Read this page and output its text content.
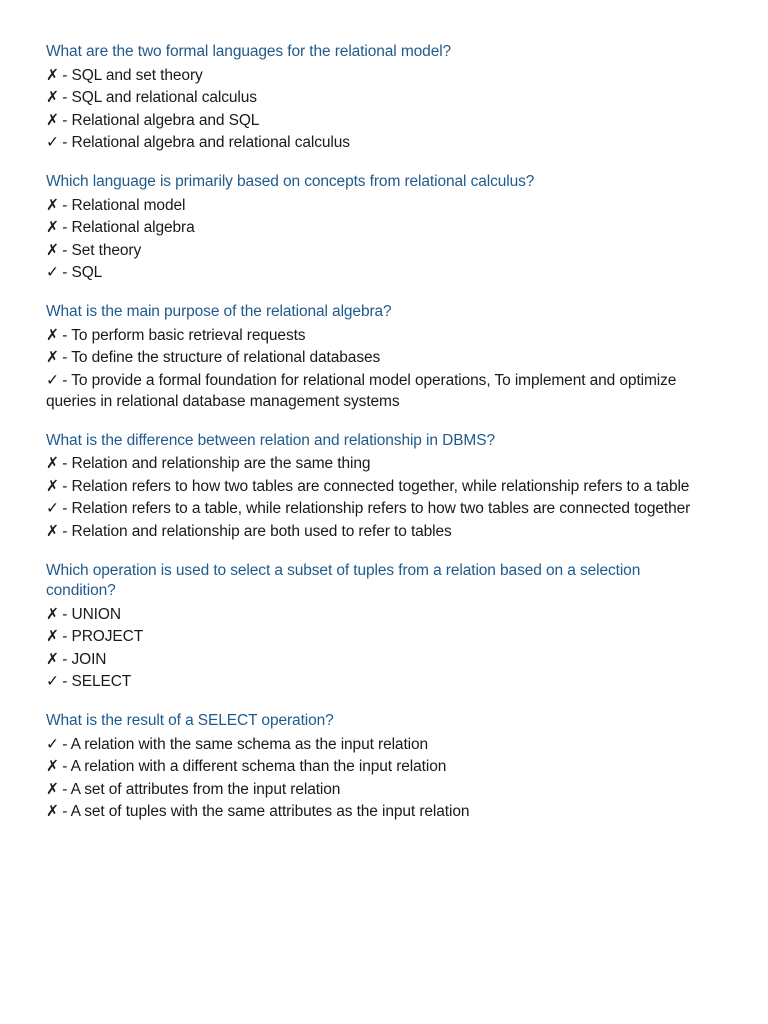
What are the two formal languages for the relational model?
✗ - SQL and set theory
✗ - SQL and relational calculus
✗ - Relational algebra and SQL
✓ - Relational algebra and relational calculus
Which language is primarily based on concepts from relational calculus?
✗ - Relational model
✗ - Relational algebra
✗ - Set theory
✓ - SQL
What is the main purpose of the relational algebra?
✗ - To perform basic retrieval requests
✗ - To define the structure of relational databases
✓ - To provide a formal foundation for relational model operations, To implement and optimize queries in relational database management systems
What is the difference between relation and relationship in DBMS?
✗ - Relation and relationship are the same thing
✗ - Relation refers to how two tables are connected together, while relationship refers to a table
✓ - Relation refers to a table, while relationship refers to how two tables are connected together
✗ - Relation and relationship are both used to refer to tables
Which operation is used to select a subset of tuples from a relation based on a selection condition?
✗ - UNION
✗ - PROJECT
✗ - JOIN
✓ - SELECT
What is the result of a SELECT operation?
✓ - A relation with the same schema as the input relation
✗ - A relation with a different schema than the input relation
✗ - A set of attributes from the input relation
✗ - A set of tuples with the same attributes as the input relation
